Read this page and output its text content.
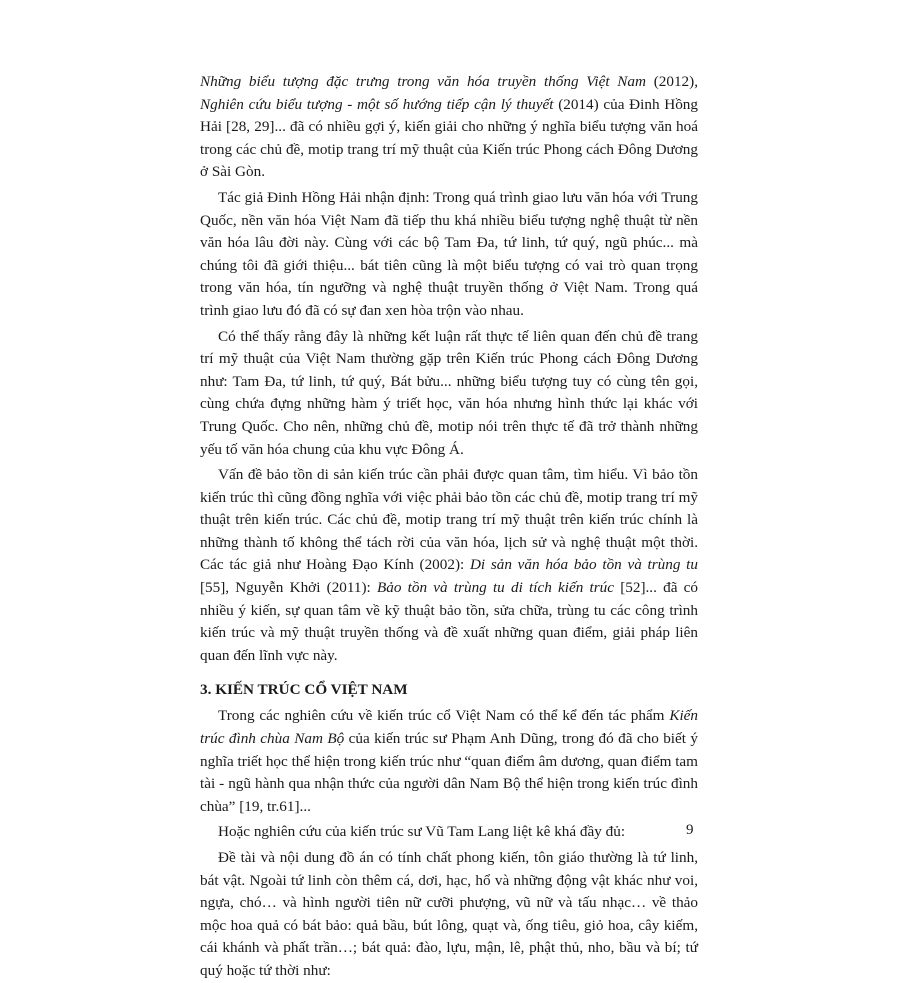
Những biểu tượng đặc trưng trong văn hóa truyền thống Việt Nam (2012), Nghiên cứu biểu tượng - một số hướng tiếp cận lý thuyết (2014) của Đinh Hồng Hải [28, 29]... đã có nhiều gợi ý, kiến giải cho những ý nghĩa biểu tượng văn hoá trong các chủ đề, motip trang trí mỹ thuật của Kiến trúc Phong cách Đông Dương ở Sài Gòn.

Tác giả Đinh Hồng Hải nhận định: Trong quá trình giao lưu văn hóa với Trung Quốc, nền văn hóa Việt Nam đã tiếp thu khá nhiều biểu tượng nghệ thuật từ nền văn hóa lâu đời này. Cùng với các bộ Tam Đa, tứ linh, tứ quý, ngũ phúc... mà chúng tôi đã giới thiệu... bát tiên cũng là một biểu tượng có vai trò quan trọng trong văn hóa, tín ngưỡng và nghệ thuật truyền thống ở Việt Nam. Trong quá trình giao lưu đó đã có sự đan xen hòa trộn vào nhau.

Có thể thấy rằng đây là những kết luận rất thực tế liên quan đến chủ đề trang trí mỹ thuật của Việt Nam thường gặp trên Kiến trúc Phong cách Đông Dương như: Tam Đa, tứ linh, tứ quý, Bát bửu... những biểu tượng tuy có cùng tên gọi, cùng chứa đựng những hàm ý triết học, văn hóa nhưng hình thức lại khác với Trung Quốc. Cho nên, những chủ đề, motip nói trên thực tế đã trở thành những yếu tố văn hóa chung của khu vực Đông Á.

Vấn đề bảo tồn di sản kiến trúc cần phải được quan tâm, tìm hiểu. Vì bảo tồn kiến trúc thì cũng đồng nghĩa với việc phải bảo tồn các chủ đề, motip trang trí mỹ thuật trên kiến trúc. Các chủ đề, motip trang trí mỹ thuật trên kiến trúc chính là những thành tố không thể tách rời của văn hóa, lịch sử và nghệ thuật một thời. Các tác giả như Hoàng Đạo Kính (2002): Di sản văn hóa bảo tồn và trùng tu [55], Nguyễn Khởi (2011): Bảo tồn và trùng tu di tích kiến trúc [52]... đã có nhiều ý kiến, sự quan tâm về kỹ thuật bảo tồn, sửa chữa, trùng tu các công trình kiến trúc và mỹ thuật truyền thống và đề xuất những quan điểm, giải pháp liên quan đến lĩnh vực này.

3. KIẾN TRÚC CỔ VIỆT NAM

Trong các nghiên cứu về kiến trúc cổ Việt Nam có thể kể đến tác phẩm Kiến trúc đình chùa Nam Bộ của kiến trúc sư Phạm Anh Dũng, trong đó đã cho biết ý nghĩa triết học thể hiện trong kiến trúc như “quan điểm âm dương, quan điểm tam tài - ngũ hành qua nhận thức của người dân Nam Bộ thể hiện trong kiến trúc đình chùa” [19, tr.61]...

Hoặc nghiên cứu của kiến trúc sư Vũ Tam Lang liệt kê khá đầy đủ:

Đề tài và nội dung đồ án có tính chất phong kiến, tôn giáo thường là tứ linh, bát vật. Ngoài tứ linh còn thêm cá, dơi, hạc, hổ và những động vật khác như voi, ngựa, chó… và hình người tiên nữ cưỡi phượng, vũ nữ và tấu nhạc… về thảo mộc hoa quả có bát bảo: quả bầu, bút lông, quạt và, ống tiêu, giỏ hoa, cây kiếm, cái khánh và phất trần…; bát quả: đào, lựu, mận, lê, phật thủ, nho, bầu và bí; tứ quý hoặc tứ thời như:

9
